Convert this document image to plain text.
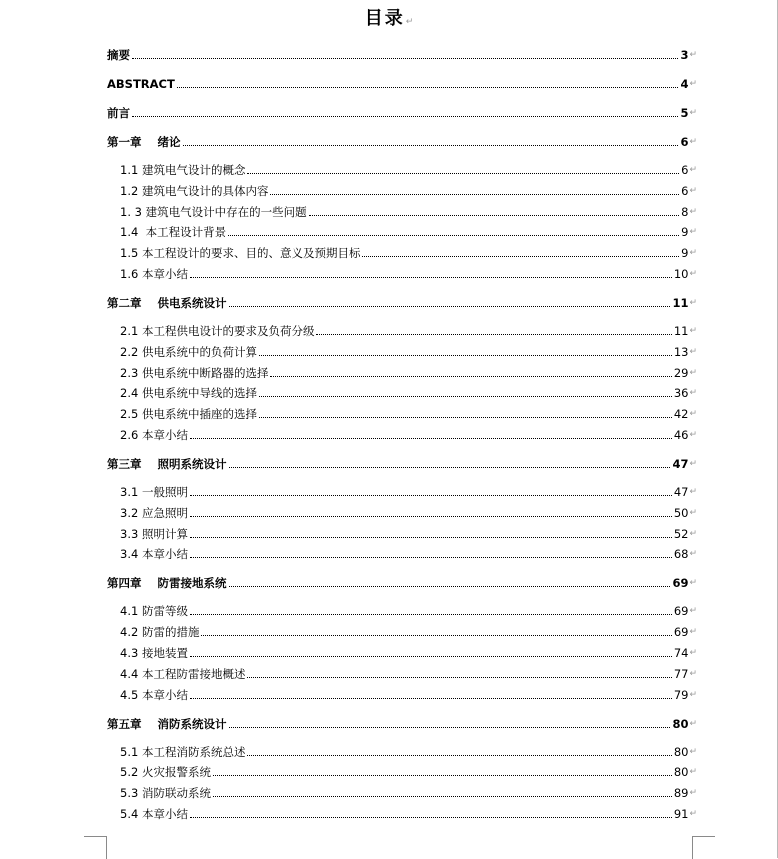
目录↵
摘要	3 ↵
ABSTRACT	4 ↵
前言	5 ↵
第一章    绪论	6 ↵
1.1 建筑电气设计的概念	6 ↵
1.2 建筑电气设计的具体内容	6 ↵
1. 3 建筑电气设计中存在的一些问题	8 ↵
1.4  本工程设计背景	9 ↵
1.5 本工程设计的要求、目的、意义及预期目标	9 ↵
1.6 本章小结	10 ↵
第二章    供电系统设计	11 ↵
2.1 本工程供电设计的要求及负荷分级	11 ↵
2.2 供电系统中的负荷计算	13 ↵
2.3 供电系统中断路器的选择	29 ↵
2.4 供电系统中导线的选择	36 ↵
2.5 供电系统中插座的选择	42 ↵
2.6 本章小结	46 ↵
第三章    照明系统设计	47 ↵
3.1 一般照明	47 ↵
3.2 应急照明	50 ↵
3.3 照明计算	52 ↵
3.4 本章小结	68 ↵
第四章    防雷接地系统	69 ↵
4.1 防雷等级	69 ↵
4.2 防雷的措施	69 ↵
4.3 接地装置	74 ↵
4.4 本工程防雷接地概述	77 ↵
4.5 本章小结	79 ↵
第五章    消防系统设计	80 ↵
5.1 本工程消防系统总述	80 ↵
5.2 火灾报警系统	80 ↵
5.3 消防联动系统	89 ↵
5.4 本章小结	91 ↵
